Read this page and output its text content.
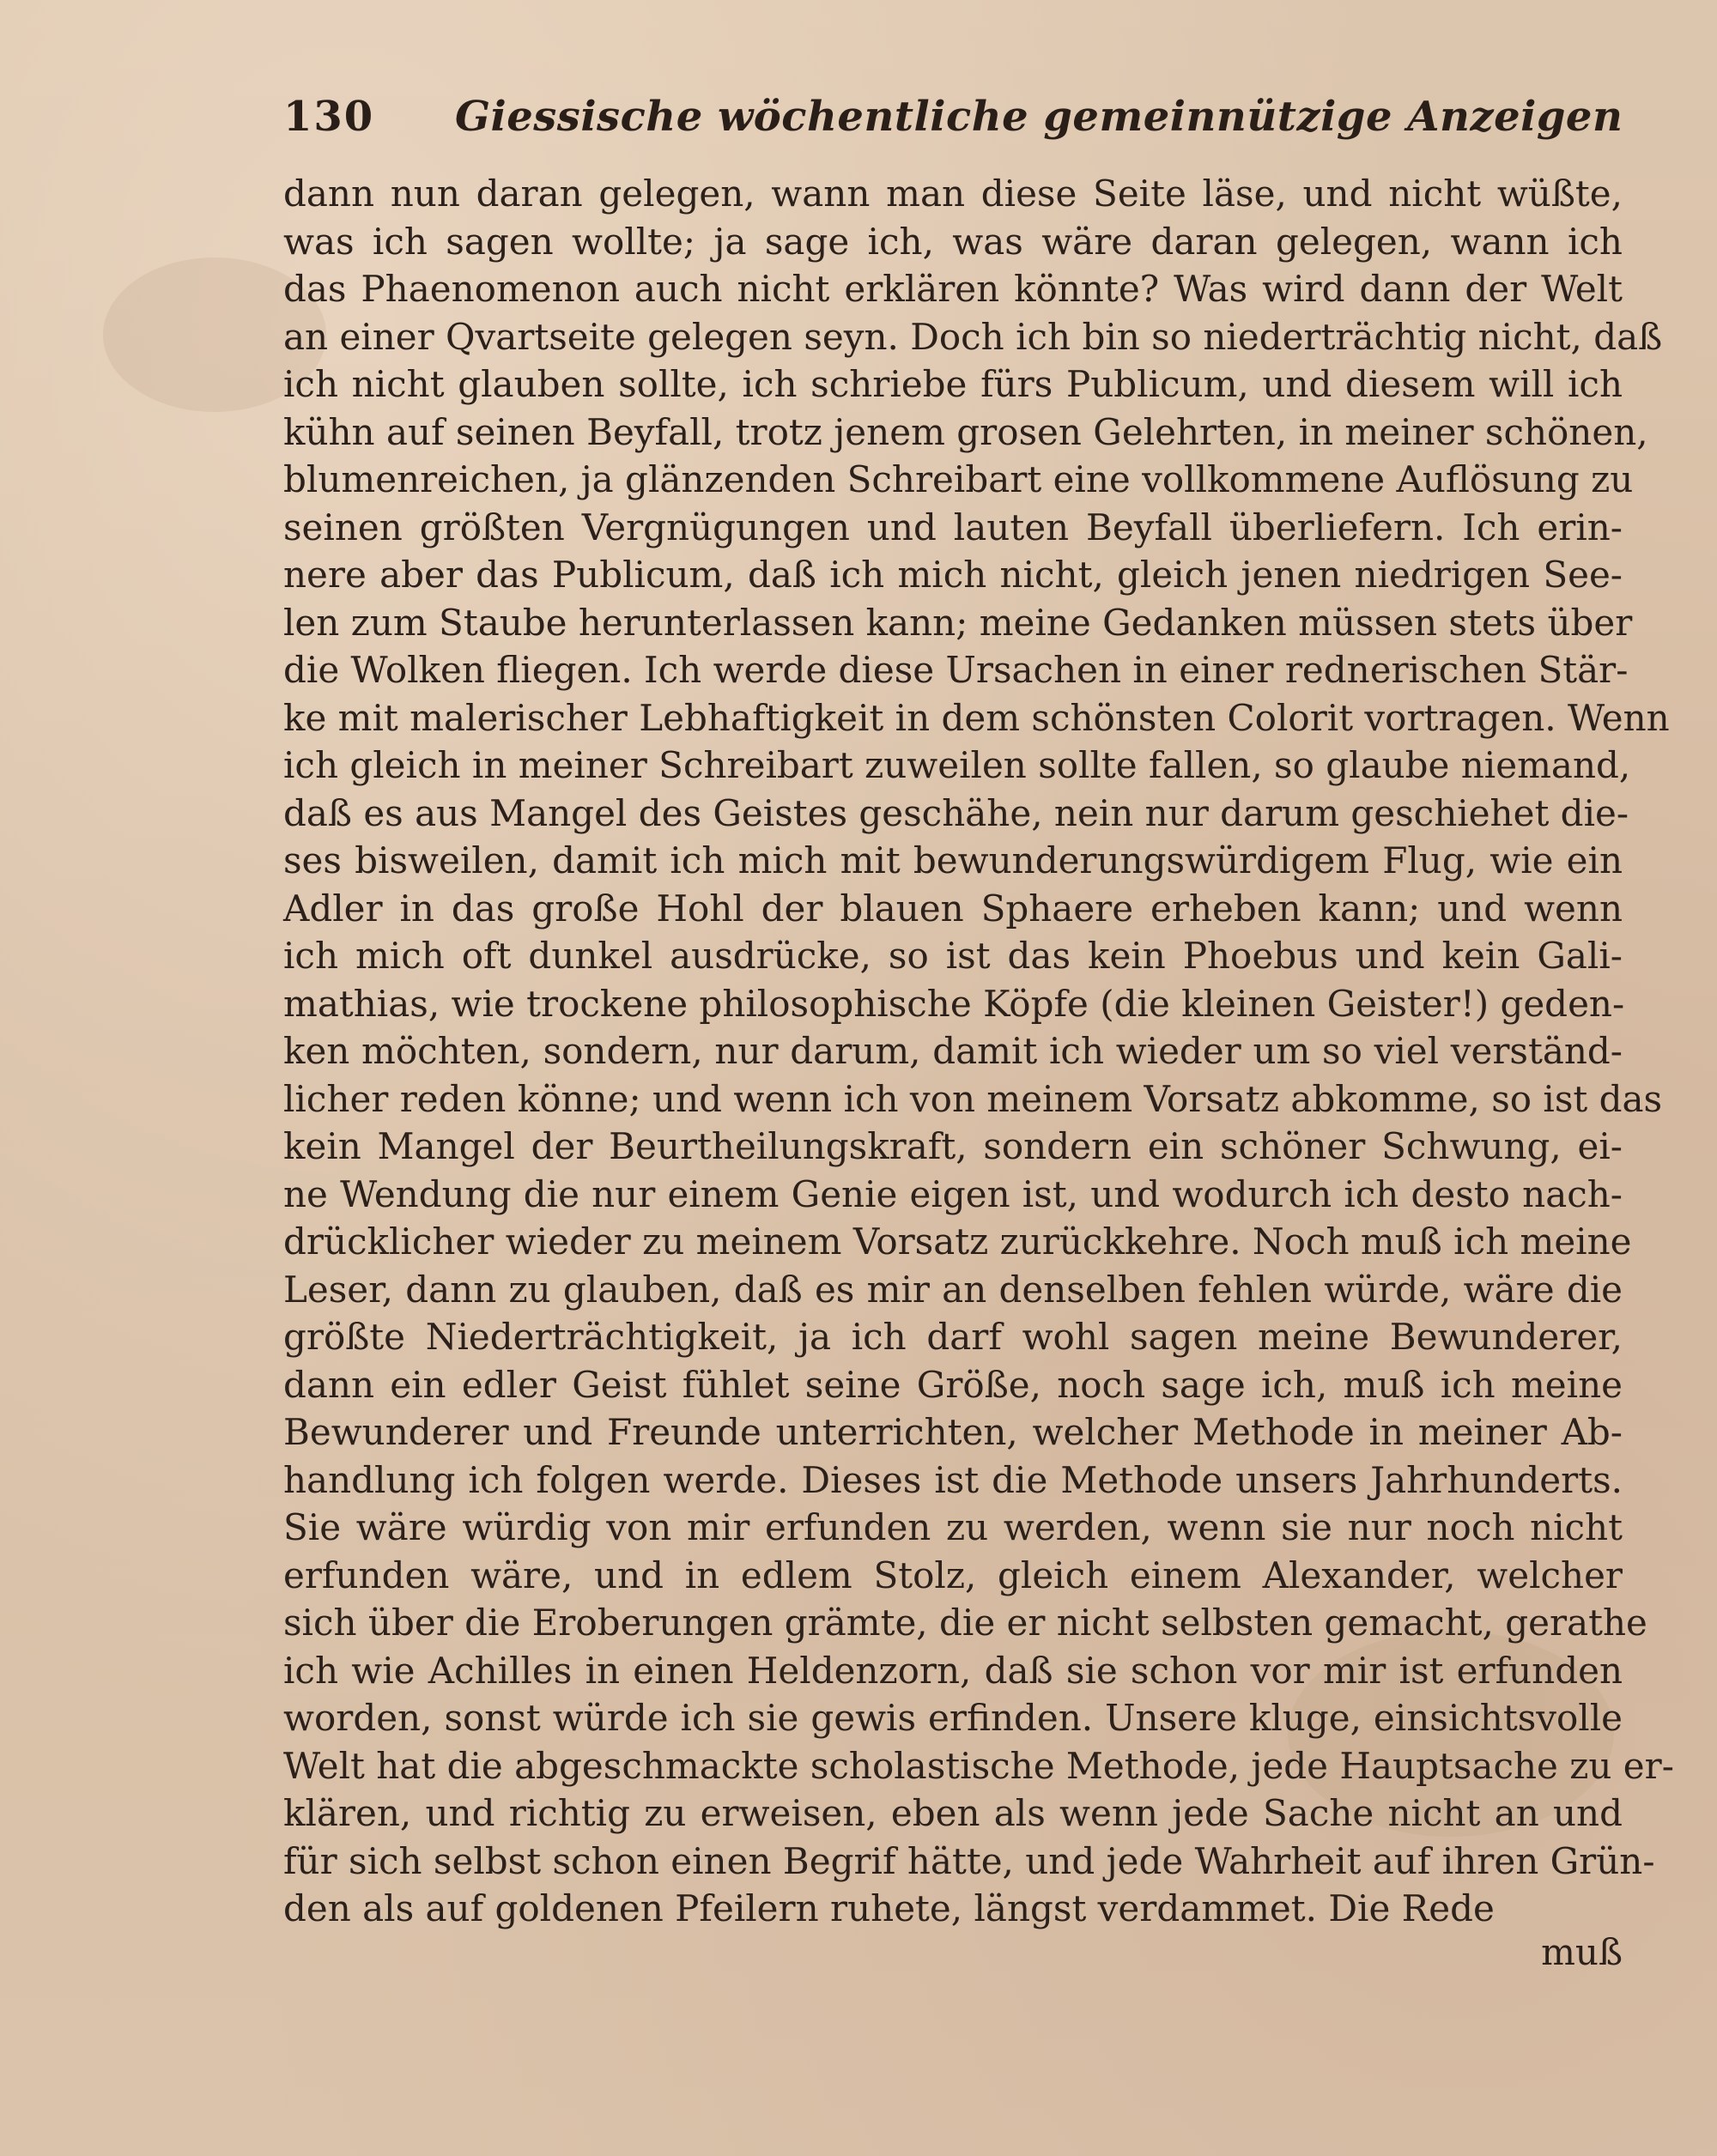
130 Giessische wöchentliche gemeinnützige Anzeigen
dann nun daran gelegen, wann man diese Seite läse, und nicht wüßte,
was ich sagen wollte; ja sage ich, was wäre daran gelegen, wann ich
das Phaenomenon auch nicht erklären könnte? Was wird dann der Welt
an einer Qvartseite gelegen seyn. Doch ich bin so niederträchtig nicht, daß
ich nicht glauben sollte, ich schriebe fürs Publicum, und diesem will ich
kühn auf seinen Beyfall, trotz jenem grosen Gelehrten, in meiner schönen,
blumenreichen, ja glänzenden Schreibart eine vollkommene Auflösung zu
seinen größten Vergnügungen und lauten Beyfall überliefern. Ich erin-
nere aber das Publicum, daß ich mich nicht, gleich jenen niedrigen See-
len zum Staube herunterlassen kann; meine Gedanken müssen stets über
die Wolken fliegen. Ich werde diese Ursachen in einer rednerischen Stär-
ke mit malerischer Lebhaftigkeit in dem schönsten Colorit vortragen. Wenn
ich gleich in meiner Schreibart zuweilen sollte fallen, so glaube niemand,
daß es aus Mangel des Geistes geschähe, nein nur darum geschiehet die-
ses bisweilen, damit ich mich mit bewunderungswürdigem Flug, wie ein
Adler in das große Hohl der blauen Sphaere erheben kann; und wenn
ich mich oft dunkel ausdrücke, so ist das kein Phoebus und kein Gali-
mathias, wie trockene philosophische Köpfe (die kleinen Geister!) geden-
ken möchten, sondern, nur darum, damit ich wieder um so viel verständ-
licher reden könne; und wenn ich von meinem Vorsatz abkomme, so ist das
kein Mangel der Beurtheilungskraft, sondern ein schöner Schwung, ei-
ne Wendung die nur einem Genie eigen ist, und wodurch ich desto nach-
drücklicher wieder zu meinem Vorsatz zurückkehre. Noch muß ich meine
Leser, dann zu glauben, daß es mir an denselben fehlen würde, wäre die
größte Niederträchtigkeit, ja ich darf wohl sagen meine Bewunderer,
dann ein edler Geist fühlet seine Größe, noch sage ich, muß ich meine
Bewunderer und Freunde unterrichten, welcher Methode in meiner Ab-
handlung ich folgen werde. Dieses ist die Methode unsers Jahrhunderts.
Sie wäre würdig von mir erfunden zu werden, wenn sie nur noch nicht
erfunden wäre, und in edlem Stolz, gleich einem Alexander, welcher
sich über die Eroberungen grämte, die er nicht selbsten gemacht, gerathe
ich wie Achilles in einen Heldenzorn, daß sie schon vor mir ist erfunden
worden, sonst würde ich sie gewis erfinden. Unsere kluge, einsichtsvolle
Welt hat die abgeschmackte scholastische Methode, jede Hauptsache zu er-
klären, und richtig zu erweisen, eben als wenn jede Sache nicht an und
für sich selbst schon einen Begrif hätte, und jede Wahrheit auf ihren Grün-
den als auf goldenen Pfeilern ruhete, längst verdammet. Die Rede
muß
